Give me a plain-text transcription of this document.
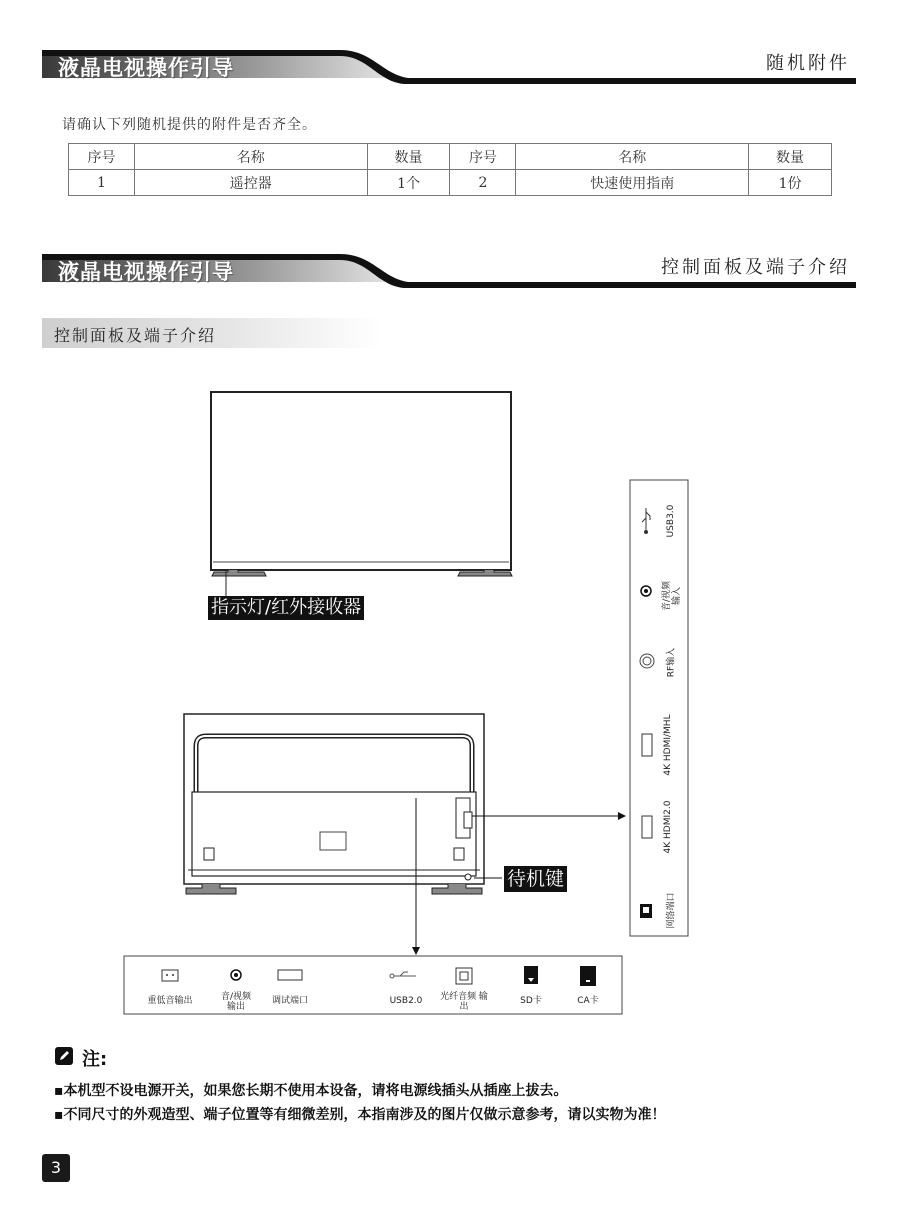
液晶电视操作引导	随机附件
请确认下列随机提供的附件是否齐全。
序号	名称	数量	序号	名称	数量
1	遥控器	1个	2	快速使用指南	1份
液晶电视操作引导	控制面板及端子介绍
控制面板及端子介绍
指示灯/红外接收器
待机键
USB3.0
音/视频 输入
RF输入
4K HDMI/MHL
4K HDMI2.0
网络端口
重低音输出	音/视频 输出
调试端口	USB2.0	光纤音频 输出
SD卡	CA卡
注:
▪本机型不设电源开关，如果您长期不使用本设备，请将电源线插头从插座上拔去。
▪不同尺寸的外观造型、端子位置等有细微差别，本指南涉及的图片仅做示意参考，请以实物为准！
3
